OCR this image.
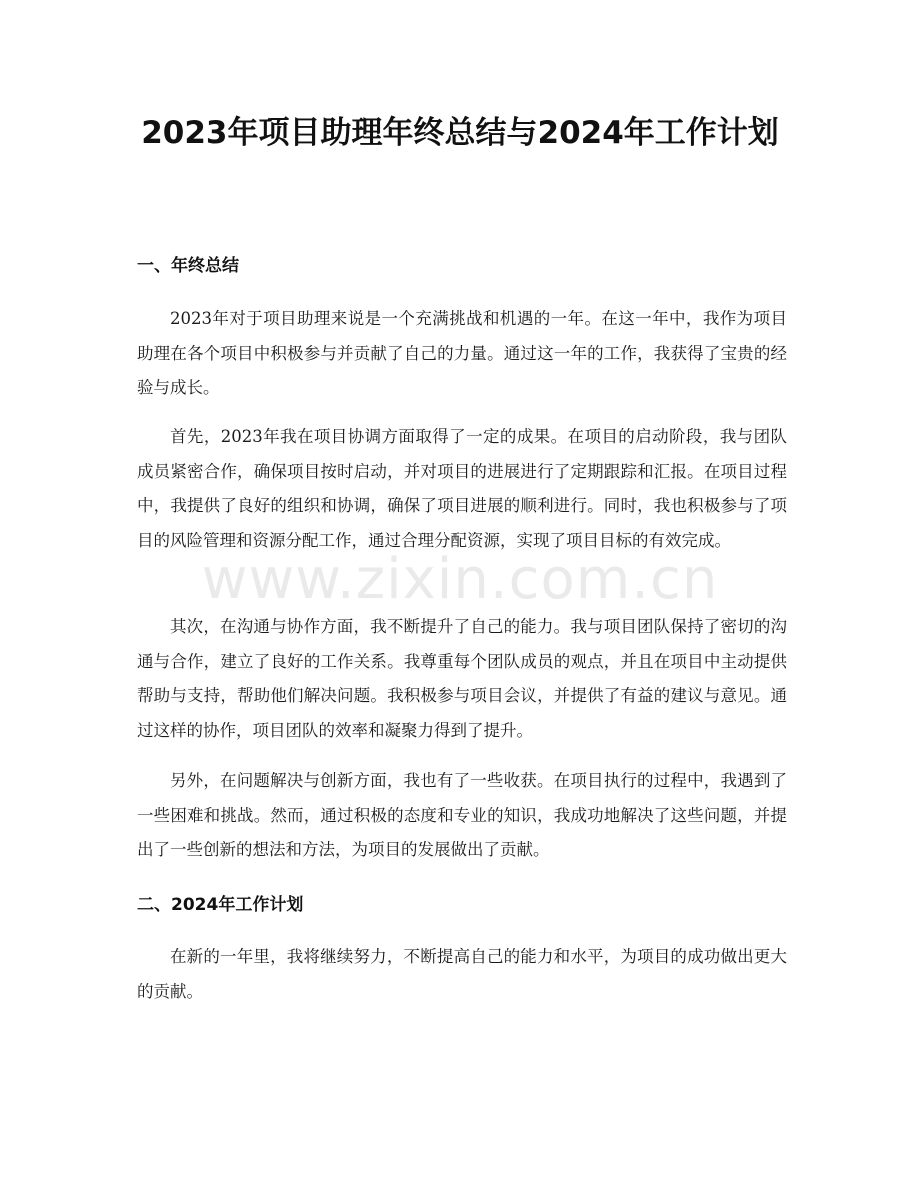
2023年项目助理年终总结与2024年工作计划
一、年终总结

2023年对于项目助理来说是一个充满挑战和机遇的一年。在这一年中，我作为项目助理在各个项目中积极参与并贡献了自己的力量。通过这一年的工作，我获得了宝贵的经验与成长。

首先，2023年我在项目协调方面取得了一定的成果。在项目的启动阶段，我与团队成员紧密合作，确保项目按时启动，并对项目的进展进行了定期跟踪和汇报。在项目过程中，我提供了良好的组织和协调，确保了项目进展的顺利进行。同时，我也积极参与了项目的风险管理和资源分配工作，通过合理分配资源，实现了项目目标的有效完成。

其次，在沟通与协作方面，我不断提升了自己的能力。我与项目团队保持了密切的沟通与合作，建立了良好的工作关系。我尊重每个团队成员的观点，并且在项目中主动提供帮助与支持，帮助他们解决问题。我积极参与项目会议，并提供了有益的建议与意见。通过这样的协作，项目团队的效率和凝聚力得到了提升。

另外，在问题解决与创新方面，我也有了一些收获。在项目执行的过程中，我遇到了一些困难和挑战。然而，通过积极的态度和专业的知识，我成功地解决了这些问题，并提出了一些创新的想法和方法，为项目的发展做出了贡献。

二、2024年工作计划

在新的一年里，我将继续努力，不断提高自己的能力和水平，为项目的成功做出更大的贡献。

www.zixin.com.cn
